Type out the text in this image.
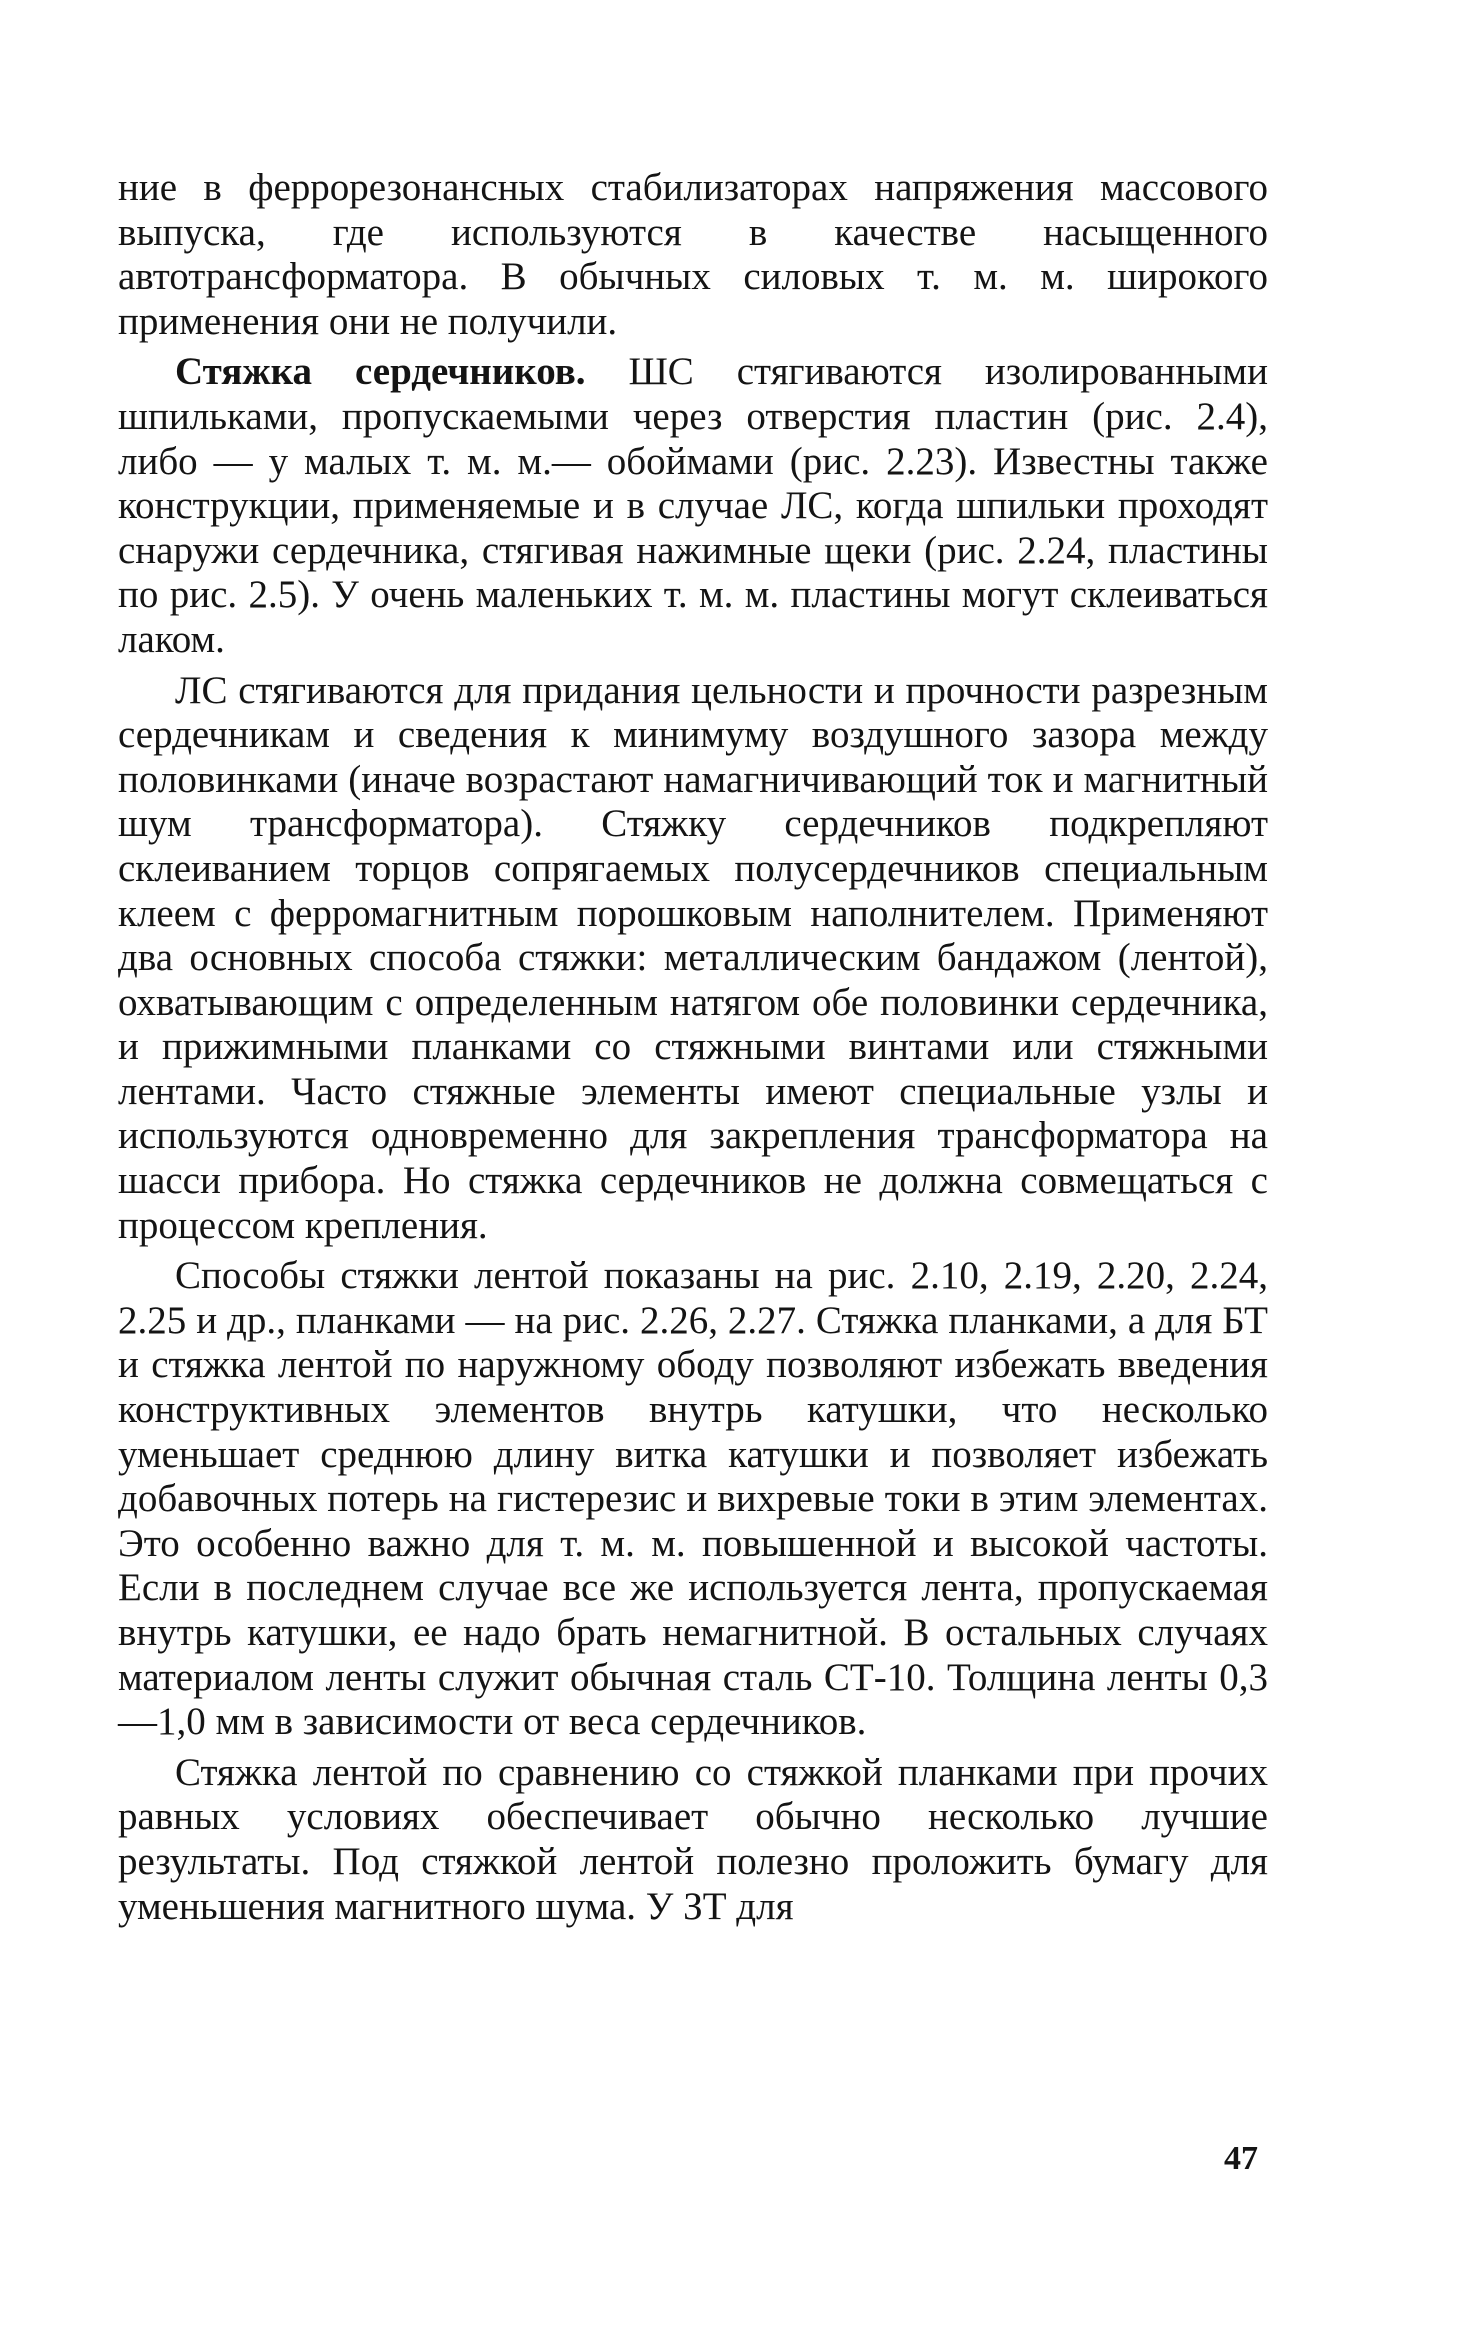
ние в феррорезонансных стабилизаторах напряжения массового выпуска, где используются в качестве насыщенного автотрансформатора. В обычных силовых т. м. м. широкого применения они не получили.

Стяжка сердечников. ШС стягиваются изолированными шпильками, пропускаемыми через отверстия пластин (рис. 2.4), либо — у малых т. м. м.— обоймами (рис. 2.23). Известны также конструкции, применяемые и в случае ЛС, когда шпильки проходят снаружи сердечника, стягивая нажимные щеки (рис. 2.24, пластины по рис. 2.5). У очень маленьких т. м. м. пластины могут склеиваться лаком.

ЛС стягиваются для придания цельности и прочности разрезным сердечникам и сведения к минимуму воздушного зазора между половинками (иначе возрастают намагничивающий ток и магнитный шум трансформатора). Стяжку сердечников подкрепляют склеиванием торцов сопрягаемых полусердечников специальным клеем с ферромагнитным порошковым наполнителем. Применяют два основных способа стяжки: металлическим бандажом (лентой), охватывающим с определенным натягом обе половинки сердечника, и прижимными планками со стяжными винтами или стяжными лентами. Часто стяжные элементы имеют специальные узлы и используются одновременно для закрепления трансформатора на шасси прибора. Но стяжка сердечников не должна совмещаться с процессом крепления.

Способы стяжки лентой показаны на рис. 2.10, 2.19, 2.20, 2.24, 2.25 и др., планками — на рис. 2.26, 2.27. Стяжка планками, а для БТ и стяжка лентой по наружному ободу позволяют избежать введения конструктивных элементов внутрь катушки, что несколько уменьшает среднюю длину витка катушки и позволяет избежать добавочных потерь на гистерезис и вихревые токи в этим элементах. Это особенно важно для т. м. м. повышенной и высокой частоты. Если в последнем случае все же используется лента, пропускаемая внутрь катушки, ее надо брать немагнитной. В остальных случаях материалом ленты служит обычная сталь СТ-10. Толщина ленты 0,3—1,0 мм в зависимости от веса сердечников.

Стяжка лентой по сравнению со стяжкой планками при прочих равных условиях обеспечивает обычно несколько лучшие результаты. Под стяжкой лентой полезно проложить бумагу для уменьшения магнитного шума. У ЗТ для

47
